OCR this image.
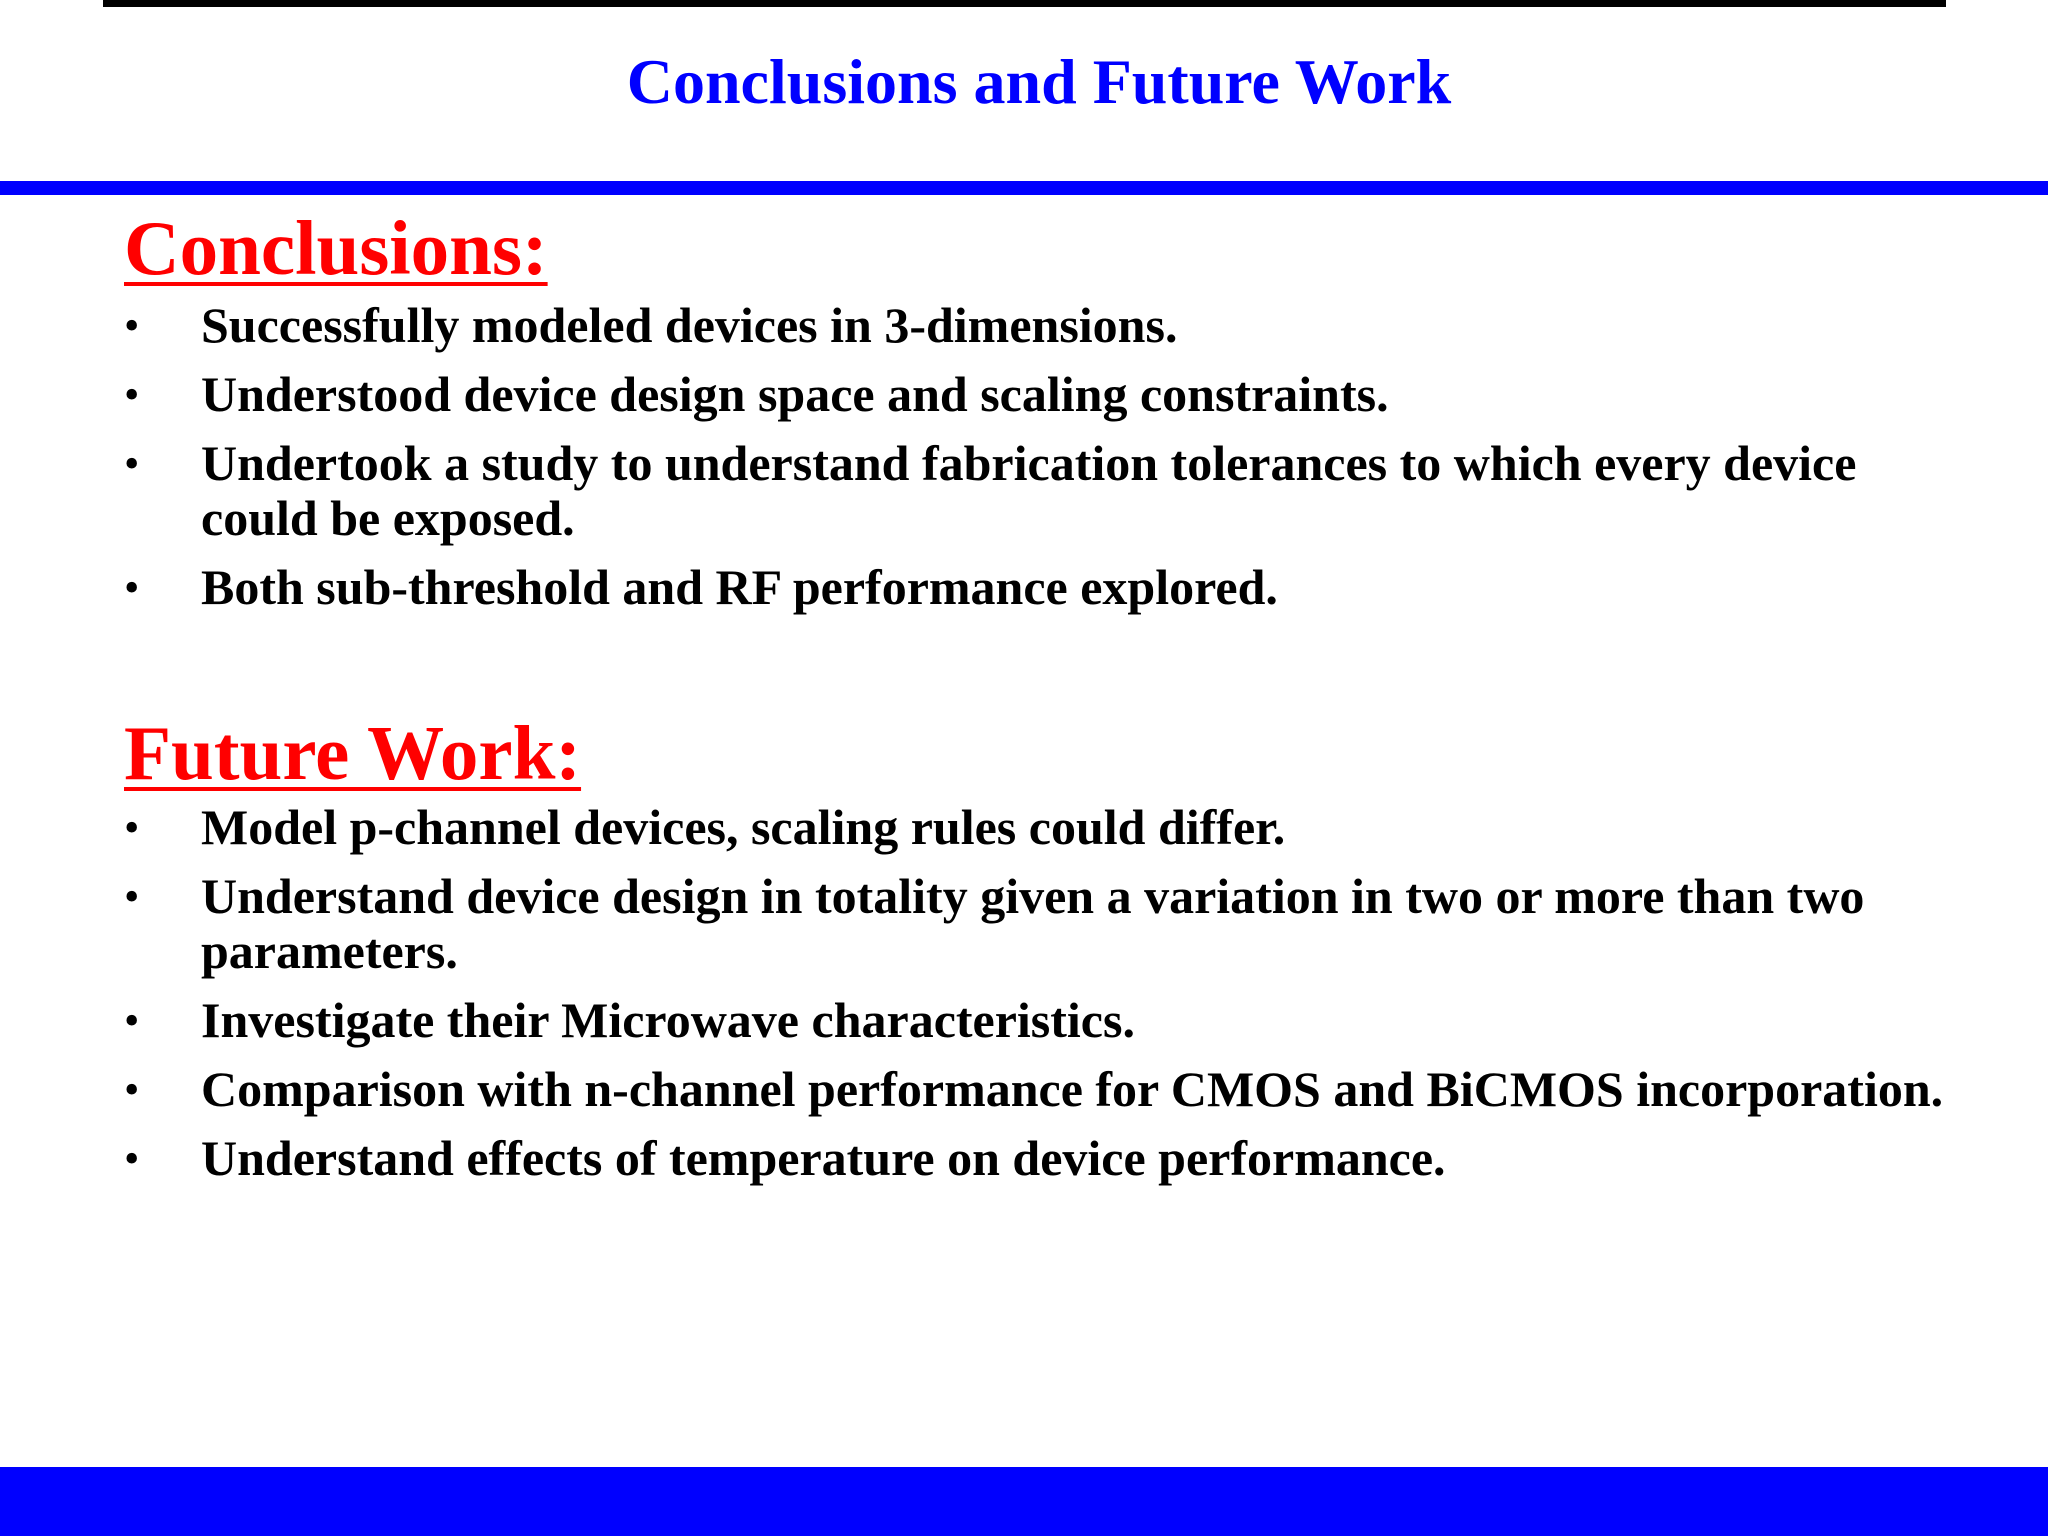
Conclusions and Future Work
Conclusions:
• Successfully modeled devices in 3-dimensions.
• Understood device design space and scaling constraints.
• Undertook a study to understand fabrication tolerances to which every device could be exposed.
• Both sub-threshold and RF performance explored.
Future Work:
• Model p-channel devices, scaling rules could differ.
• Understand device design in totality given a variation in two or more than two parameters.
• Investigate their Microwave characteristics.
• Comparison with n-channel performance for CMOS and BiCMOS incorporation.
• Understand effects of temperature on device performance.
